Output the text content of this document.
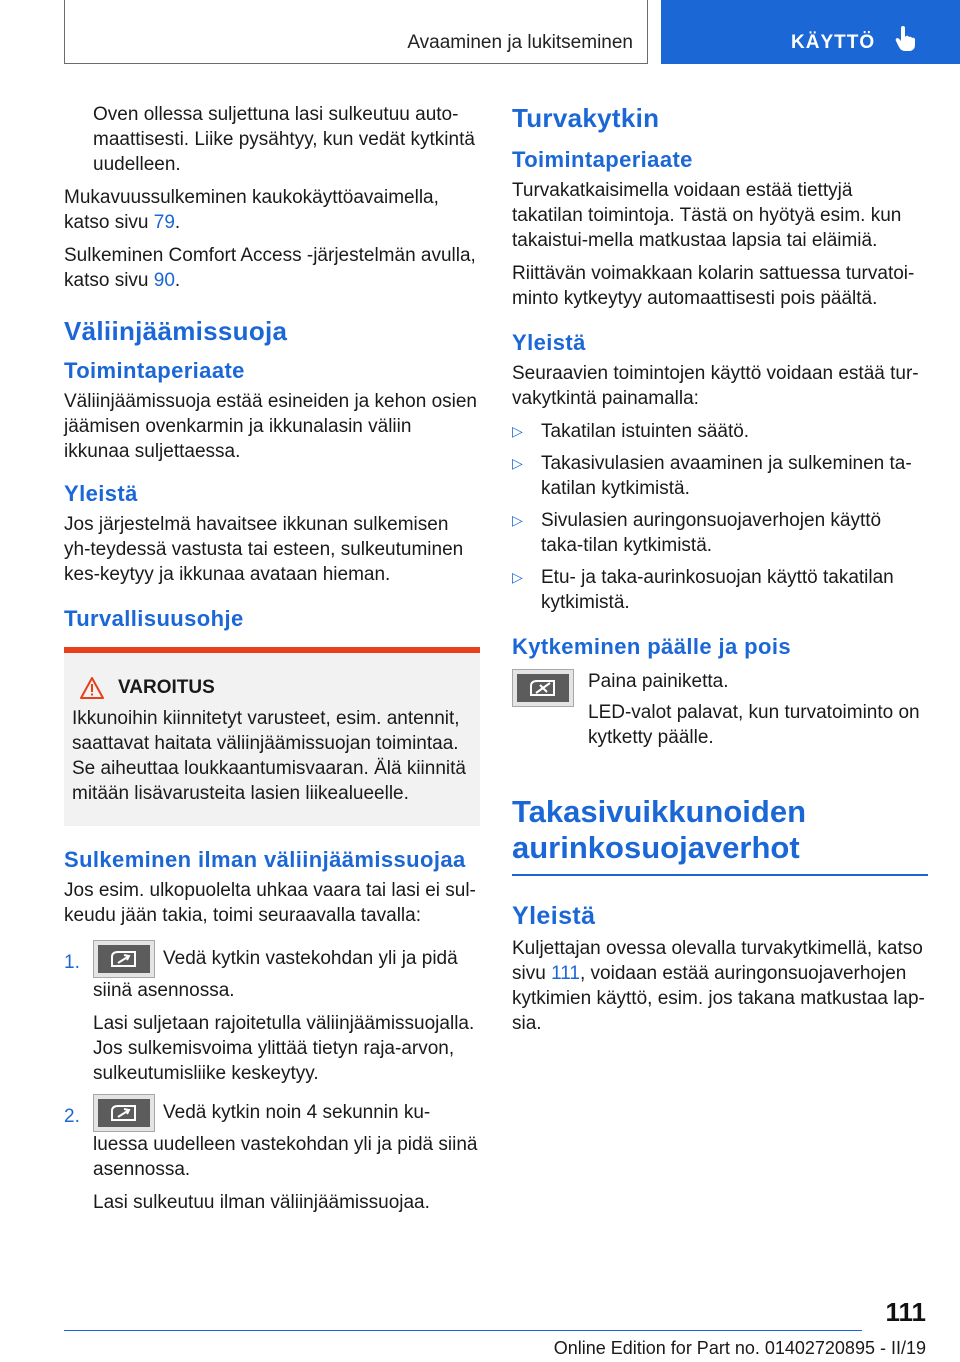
Avaaminen ja lukitseminen	KÄYTTÖ

Oven ollessa suljettuna lasi sulkeutuu auto‐maattisesti. Liike pysähtyy, kun vedät kytkintä uudelleen.

Mukavuussulkeminen kaukokäyttöavaimella, katso sivu 79.

Sulkeminen Comfort Access -järjestelmän avulla, katso sivu 90.

Väliinjäämissuoja
Toimintaperiaate

Väliinjäämissuoja estää esineiden ja kehon osien jäämisen ovenkarmin ja ikkunalasin väliin ikkunaa suljettaessa.

Yleistä

Jos järjestelmä havaitsee ikkunan sulkemisen yh‐teydessä vastusta tai esteen, sulkeutuminen kes‐keytyy ja ikkunaa avataan hieman.

Turvallisuusohje
VAROITUS

Ikkunoihin kiinnitetyt varusteet, esim. antennit, saattavat haitata väliinjäämissuojan toimintaa. Se aiheuttaa loukkaantumisvaaran. Älä kiinnitä mitään lisävarusteita lasien liikealueelle.

Sulkeminen ilman väliinjäämissuojaa

Jos esim. ulkopuolelta uhkaa vaara tai lasi ei sul‐keudu jään takia, toimi seuraavalla tavalla:

1.	Vedä kytkin vastekohdan yli ja pidä siinä asennossa.

Lasi suljetaan rajoitetulla väliinjäämissuojalla. Jos sulkemisvoima ylittää tietyn raja-arvon, sulkeutumisliike keskeytyy.

2.	Vedä kytkin noin 4 sekunnin ku‐luessa uudelleen vastekohdan yli ja pidä siinä asennossa.

Lasi sulkeutuu ilman väliinjäämissuojaa.

Turvakytkin
Toimintaperiaate

Turvakatkaisimella voidaan estää tiettyjä takatilan toimintoja. Tästä on hyötyä esim. kun takaistui‐mella matkustaa lapsia tai eläimiä.

Riittävän voimakkaan kolarin sattuessa turvatoi‐minto kytkeytyy automaattisesti pois päältä.

Yleistä

Seuraavien toimintojen käyttö voidaan estää tur‐vakytkintä painamalla:

▷ Takatilan istuinten säätö.
▷ Takasivulasien avaaminen ja sulkeminen ta‐katilan kytkimistä.
▷ Sivulasien auringonsuojaverhojen käyttö taka‐tilan kytkimistä.
▷ Etu- ja taka-aurinkosuojan käyttö takatilan kytkimistä.
Kytkeminen päälle ja pois

Paina painiketta.

LED-valot palavat, kun turvatoiminto on kytketty päälle.

Takasivuikkunoiden aurinkosuojaverhot
Yleistä

Kuljettajan ovessa olevalla turvakytkimellä, katso sivu 111, voidaan estää auringonsuojaverhojen kytkimien käyttö, esim. jos takana matkustaa lap‐sia.

111
Online Edition for Part no. 01402720895 - II/19
